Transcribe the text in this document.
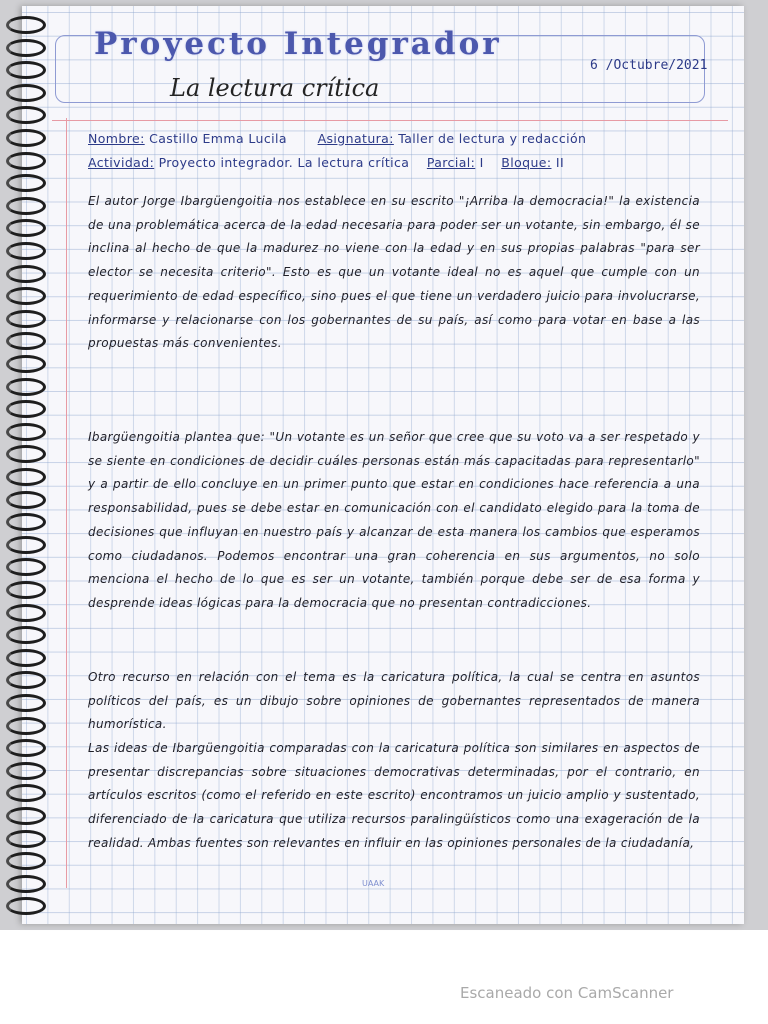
Proyecto Integrador
6 /Octubre/2021
La lectura crítica
Nombre: Castillo Emma Lucila Asignatura: Taller de lectura y redacción
Actividad: Proyecto integrador. La lectura crítica Parcial: I Bloque: II

El autor Jorge Ibargüengoitia nos establece en su escrito "¡Arriba la democracia!" la existencia de una problemática acerca de la edad necesaria para poder ser un votante, sin embargo, él se inclina al hecho de que la madurez no viene con la edad y en sus propias palabras "para ser elector se necesita criterio". Esto es que un votante ideal no es aquel que cumple con un requerimiento de edad específico, sino pues el que tiene un verdadero juicio para involucrarse, informarse y relacionarse con los gobernantes de su país, así como para votar en base a las propuestas más convenientes.

Ibargüengoitia plantea que: "Un votante es un señor que cree que su voto va a ser respetado y se siente en condiciones de decidir cuáles personas están más capacitadas para representarlo" y a partir de ello concluye en un primer punto que estar en condiciones hace referencia a una responsabilidad, pues se debe estar en comunicación con el candidato elegido para la toma de decisiones que influyan en nuestro país y alcanzar de esta manera los cambios que esperamos como ciudadanos. Podemos encontrar una gran coherencia en sus argumentos, no solo menciona el hecho de lo que es ser un votante, también porque debe ser de esa forma y desprende ideas lógicas para la democracia que no presentan contradicciones.

Otro recurso en relación con el tema es la caricatura política, la cual se centra en asuntos políticos del país, es un dibujo sobre opiniones de gobernantes representados de manera humorística.

Las ideas de Ibargüengoitia comparadas con la caricatura política son similares en aspectos de presentar discrepancias sobre situaciones democrativas determinadas, por el contrario, en artículos escritos (como el referido en este escrito) encontramos un juicio amplio y sustentado, diferenciado de la caricatura que utiliza recursos paralingüísticos como una exageración de la realidad. Ambas fuentes son relevantes en influir en las opiniones personales de la ciudadanía,

UAAK
Escaneado con CamScanner
